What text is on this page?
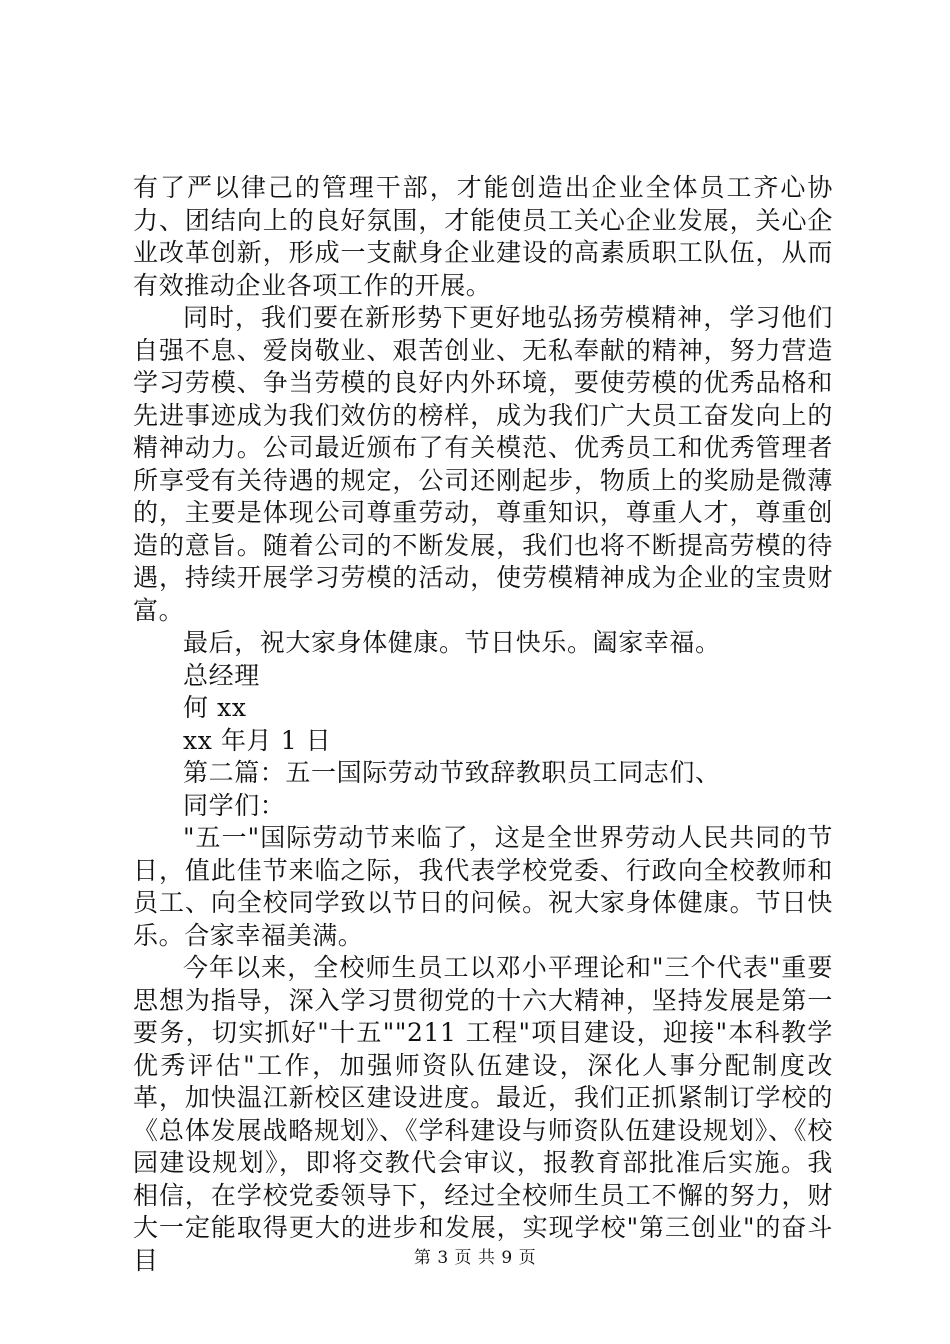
有了严以律己的管理干部，才能创造出企业全体员工齐心协力、团结向上的良好氛围，才能使员工关心企业发展，关心企业改革创新，形成一支献身企业建设的高素质职工队伍，从而有效推动企业各项工作的开展。

同时，我们要在新形势下更好地弘扬劳模精神，学习他们自强不息、爱岗敬业、艰苦创业、无私奉献的精神，努力营造学习劳模、争当劳模的良好内外环境，要使劳模的优秀品格和先进事迹成为我们效仿的榜样，成为我们广大员工奋发向上的精神动力。公司最近颁布了有关模范、优秀员工和优秀管理者所享受有关待遇的规定，公司还刚起步，物质上的奖励是微薄的，主要是体现公司尊重劳动，尊重知识，尊重人才，尊重创造的意旨。随着公司的不断发展，我们也将不断提高劳模的待遇，持续开展学习劳模的活动，使劳模精神成为企业的宝贵财富。

最后，祝大家身体健康。节日快乐。阖家幸福。

总经理

何 xx

xx 年月 1 日

第二篇：五一国际劳动节致辞教职员工同志们、

同学们：

"五一"国际劳动节来临了，这是全世界劳动人民共同的节日，值此佳节来临之际，我代表学校党委、行政向全校教师和员工、向全校同学致以节日的问候。祝大家身体健康。节日快乐。合家幸福美满。

今年以来，全校师生员工以邓小平理论和"三个代表"重要思想为指导，深入学习贯彻党的十六大精神，坚持发展是第一要务，切实抓好"十五""211 工程"项目建设，迎接"本科教学优秀评估"工作，加强师资队伍建设，深化人事分配制度改革，加快温江新校区建设进度。最近，我们正抓紧制订学校的《总体发展战略规划》、《学科建设与师资队伍建设规划》、《校园建设规划》，即将交教代会审议，报教育部批准后实施。我相信，在学校党委领导下，经过全校师生员工不懈的努力，财大一定能取得更大的进步和发展，实现学校"第三创业"的奋斗目	第 3 页 共 9 页
